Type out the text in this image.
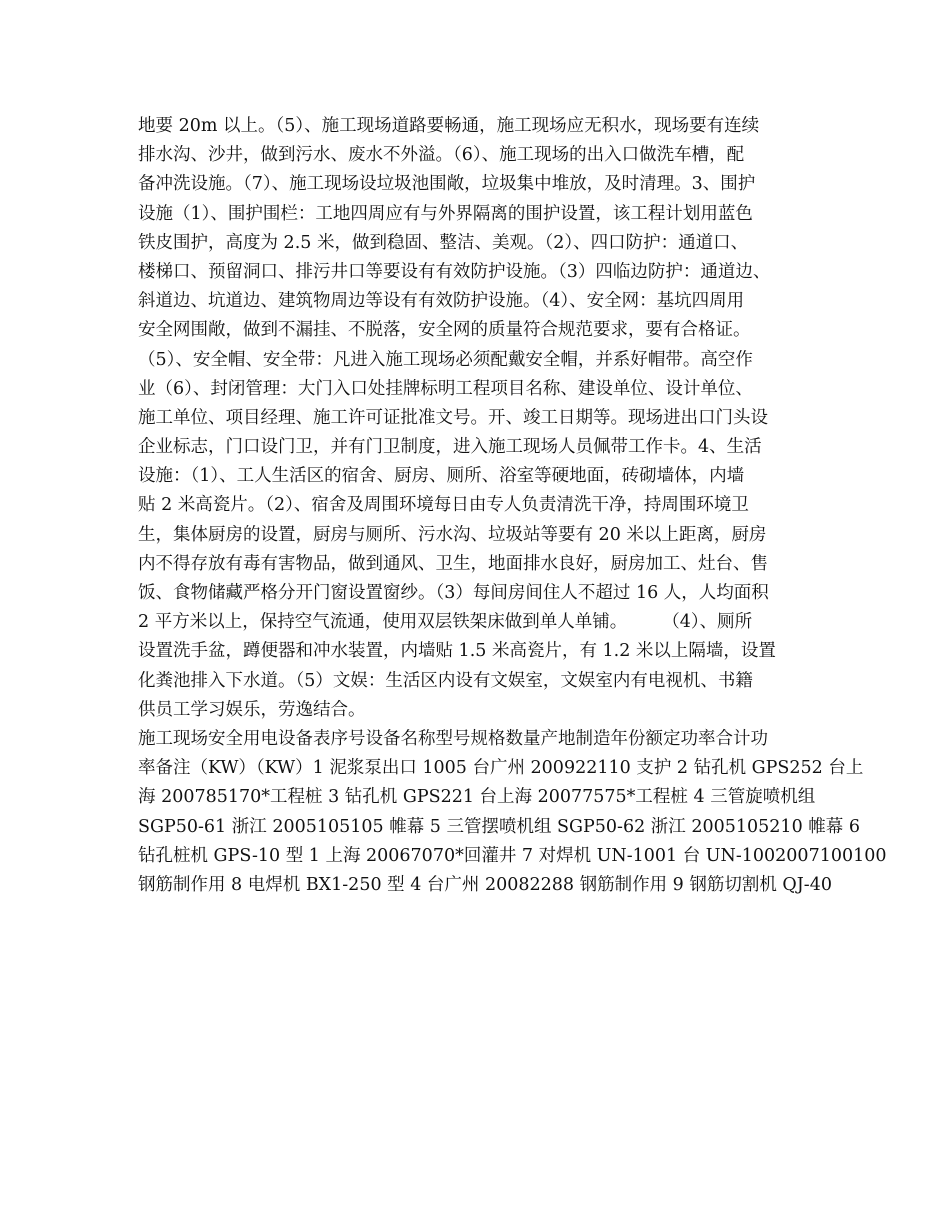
地要 20m 以上。（5）、施工现场道路要畅通，施工现场应无积水，现场要有连续
排水沟、沙井，做到污水、废水不外溢。（6）、施工现场的出入口做洗车槽，配
备冲洗设施。（7）、施工现场设垃圾池围敞，垃圾集中堆放，及时清理。3、围护
设施（1）、围护围栏：工地四周应有与外界隔离的围护设置，该工程计划用蓝色
铁皮围护，高度为 2.5 米，做到稳固、整洁、美观。（2）、四口防护：通道口、
楼梯口、预留洞口、排污井口等要设有有效防护设施。（3）四临边防护：通道边、
斜道边、坑道边、建筑物周边等设有有效防护设施。（4）、安全网：基坑四周用
安全网围敞，做到不漏挂、不脱落，安全网的质量符合规范要求，要有合格证。
（5）、安全帽、安全带：凡进入施工现场必须配戴安全帽，并系好帽带。高空作
业（6）、封闭管理：大门入口处挂牌标明工程项目名称、建设单位、设计单位、
施工单位、项目经理、施工许可证批准文号。开、竣工日期等。现场进出口门头设
企业标志，门口设门卫，并有门卫制度，进入施工现场人员佩带工作卡。4、生活
设施：（1）、工人生活区的宿舍、厨房、厕所、浴室等硬地面，砖砌墙体，内墙
贴 2 米高瓷片。（2）、宿舍及周围环境每日由专人负责清洗干净，持周围环境卫
生，集体厨房的设置，厨房与厕所、污水沟、垃圾站等要有 20 米以上距离，厨房
内不得存放有毒有害物品，做到通风、卫生，地面排水良好，厨房加工、灶台、售
饭、食物储藏严格分开门窗设置窗纱。（3）每间房间住人不超过 16 人，人均面积
2 平方米以上，保持空气流通，使用双层铁架床做到单人单铺。　　　（4）、厕所
设置洗手盆，蹲便器和冲水装置，内墙贴 1.5 米高瓷片，有 1.2 米以上隔墙，设置
化粪池排入下水道。（5）文娱：生活区内设有文娱室，文娱室内有电视机、书籍
供员工学习娱乐，劳逸结合。
施工现场安全用电设备表序号设备名称型号规格数量产地制造年份额定功率合计功
率备注（KW）（KW）1 泥浆泵出口 1005 台广州 200922110 支护 2 钻孔机 GPS252 台上
海 200785170*工程桩 3 钻孔机 GPS221 台上海 20077575*工程桩 4 三管旋喷机组
SGP50-61 浙江 2005105105 帷幕 5 三管摆喷机组 SGP50-62 浙江 2005105210 帷幕 6
钻孔桩机 GPS-10 型 1 上海 20067070*回灌井 7 对焊机 UN-1001 台 UN-1002007100100
钢筋制作用 8 电焊机 BX1-250 型 4 台广州 20082288 钢筋制作用 9 钢筋切割机 QJ-40
